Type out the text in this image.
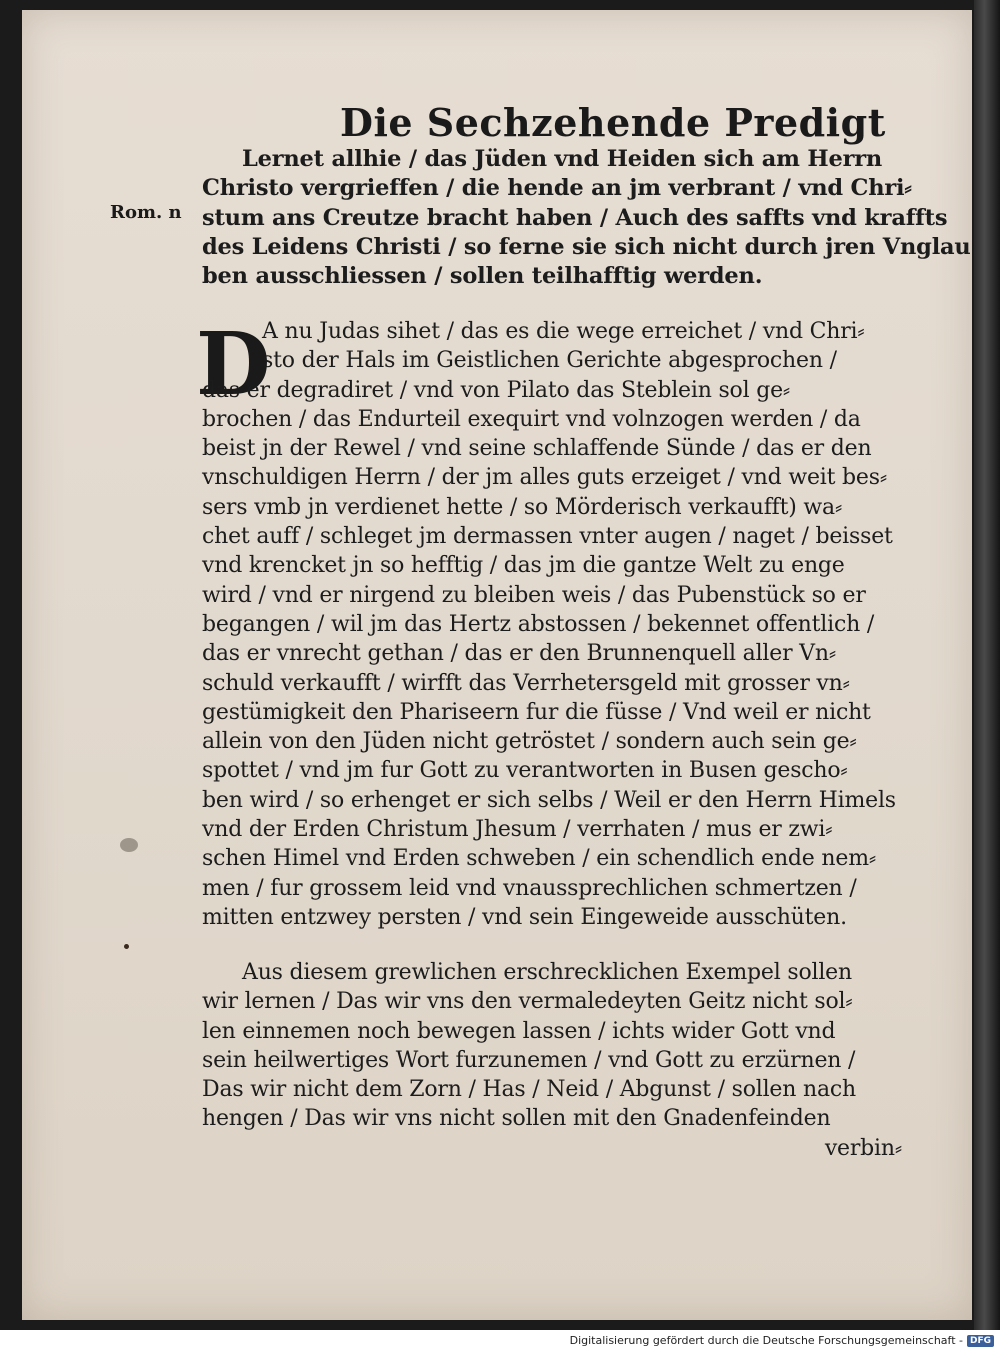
Die Sechzehende Predigt
Rom. n
Lernet allhie / das Jüden vnd Heiden sich am Herrn
Christo vergrieffen / die hende an jm verbrant / vnd Chri⸗
stum ans Creutze bracht haben / Auch des saffts vnd kraffts
des Leidens Christi / so ferne sie sich nicht durch jren Vnglau
ben ausschliessen / sollen teilhafftig werden.
D
A nu Judas sihet / das es die wege erreichet / vnd Chri⸗
sto der Hals im Geistlichen Gerichte abgesprochen /
das er degradiret / vnd von Pilato das Steblein sol ge⸗
brochen / das Endurteil exequirt vnd volnzogen werden / da
beist jn der Rewel / vnd seine schlaffende Sünde / das er den
vnschuldigen Herrn / der jm alles guts erzeiget / vnd weit bes⸗
sers vmb jn verdienet hette / so Mörderisch verkaufft) wa⸗
chet auff / schleget jm dermassen vnter augen / naget / beisset
vnd krencket jn so hefftig / das jm die gantze Welt zu enge
wird / vnd er nirgend zu bleiben weis / das Pubenstück so er
begangen / wil jm das Hertz abstossen / bekennet offentlich /
das er vnrecht gethan / das er den Brunnenquell aller Vn⸗
schuld verkaufft / wirfft das Verrhetersgeld mit grosser vn⸗
gestümigkeit den Phariseern fur die füsse / Vnd weil er nicht
allein von den Jüden nicht getröstet / sondern auch sein ge⸗
spottet / vnd jm fur Gott zu verantworten in Busen gescho⸗
ben wird / so erhenget er sich selbs / Weil er den Herrn Himels
vnd der Erden Christum Jhesum / verrhaten / mus er zwi⸗
schen Himel vnd Erden schweben / ein schendlich ende nem⸗
men / fur grossem leid vnd vnaussprechlichen schmertzen /
mitten entzwey persten / vnd sein Eingeweide ausschüten.
Aus diesem grewlichen erschrecklichen Exempel sollen
wir lernen / Das wir vns den vermaledeyten Geitz nicht sol⸗
len einnemen noch bewegen lassen / ichts wider Gott vnd
sein heilwertiges Wort furzunemen / vnd Gott zu erzürnen /
Das wir nicht dem Zorn / Has / Neid / Abgunst / sollen nach
hengen / Das wir vns nicht sollen mit den Gnadenfeinden
verbin⸗
Digitalisierung gefördert durch die Deutsche Forschungsgemeinschaft - DFG
